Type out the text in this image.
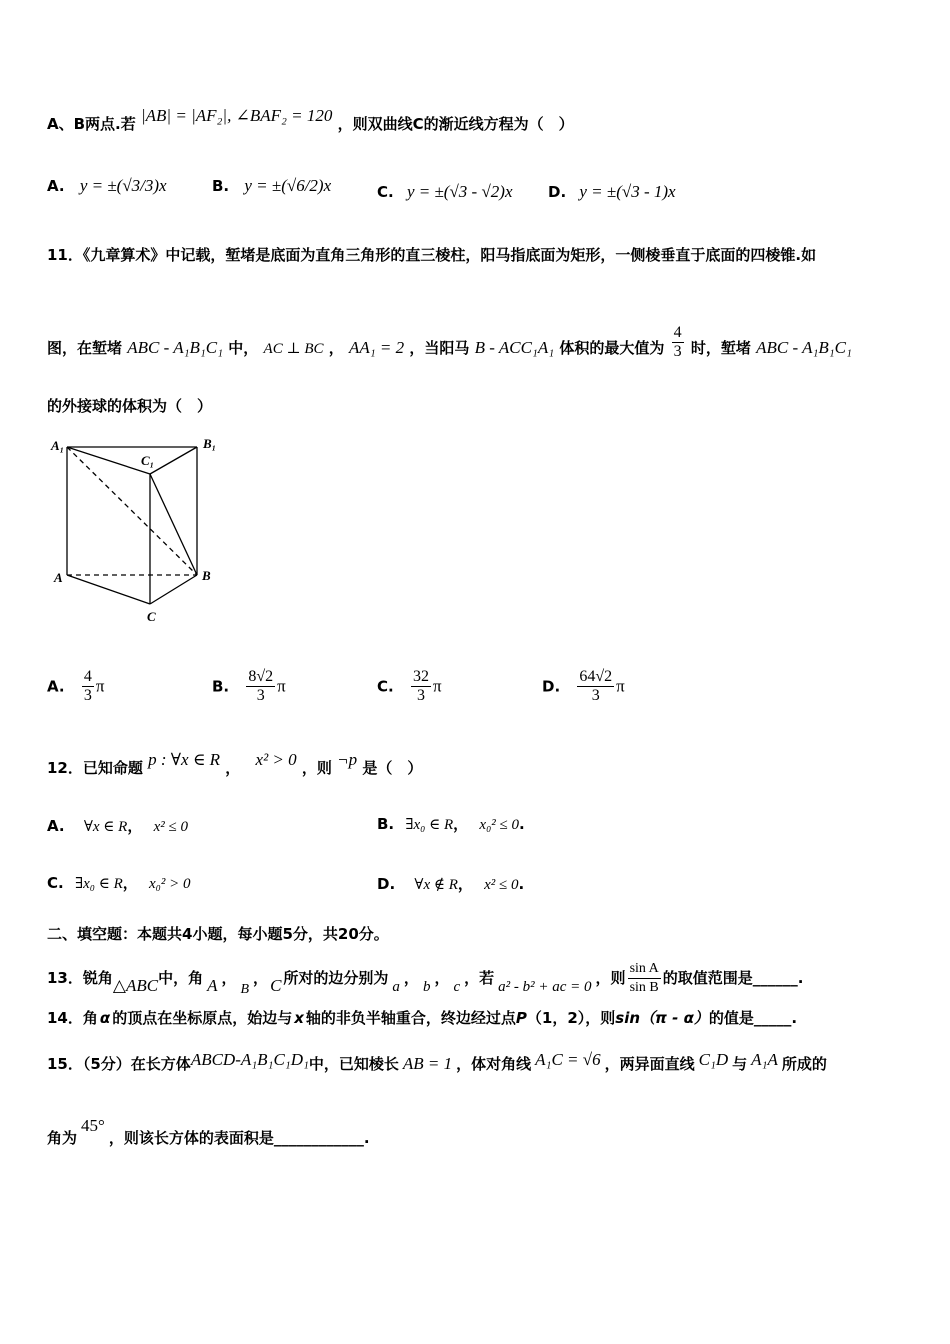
A、B两点.若 |AB| = |AF₂|, ∠BAF₂ = 120 ，则双曲线C的渐近线方程为（　）
A. y = ±(√3/3)x	B. y = ±(√6/2)x	C. y = ±(√3 - √2)x D. y = ±(√3 - 1)x
11．《九章算术》中记载，堑堵是底面为直角三角形的直三棱柱，阳马指底面为矩形，一侧棱垂直于底面的四棱锥.如
图，在堑堵 ABC - A₁B₁C₁ 中， AC ⊥ BC ， AA₁ = 2 ，当阳马 B - ACC₁A₁ 体积的最大值为 $\frac{4}{3}$ 时，堑堵 ABC - A₁B₁C₁
的外接球的体积为（　）
A₁	B₁
C₁
A	B
C
A. $\frac{4}{3}$ π	B. $\frac{8√2}{3}$ π	C. $\frac{32}{3}$ π	D. $\frac{64√2}{3}$ π
12．已知命题 p : ∀x ∈ R ， x² > 0 ，则 ¬p 是（　）
A. ∀x ∈ R， x² ≤ 0	B. ∃x₀ ∈ R， x₀² ≤ 0.
C. ∃x₀ ∈ R， x₀² > 0	D. ∀x ∉ R， x² ≤ 0.
二、填空题：本题共4小题，每小题5分，共20分。
13．锐角△ABC中，角 A ，B， C 所对的边分别为 a ， b ， c ，若 a² - b² + ac = 0 ，则 $\frac{\text{sin A}}{\text{sin B}}$ 的取值范围是______.
14．角 α 的顶点在坐标原点，始边与 x 轴的非负半轴重合，终边经过点P（1，2），则sin（π - α）的值是_____.
15．（5分）在长方体ABCD-A₁B₁C₁D₁中，已知棱长 AB = 1 ，体对角线 A₁C = √6 ，两异面直线 C₁D 与 A₁A 所成的
角为45°，则该长方体的表面积是____________.
